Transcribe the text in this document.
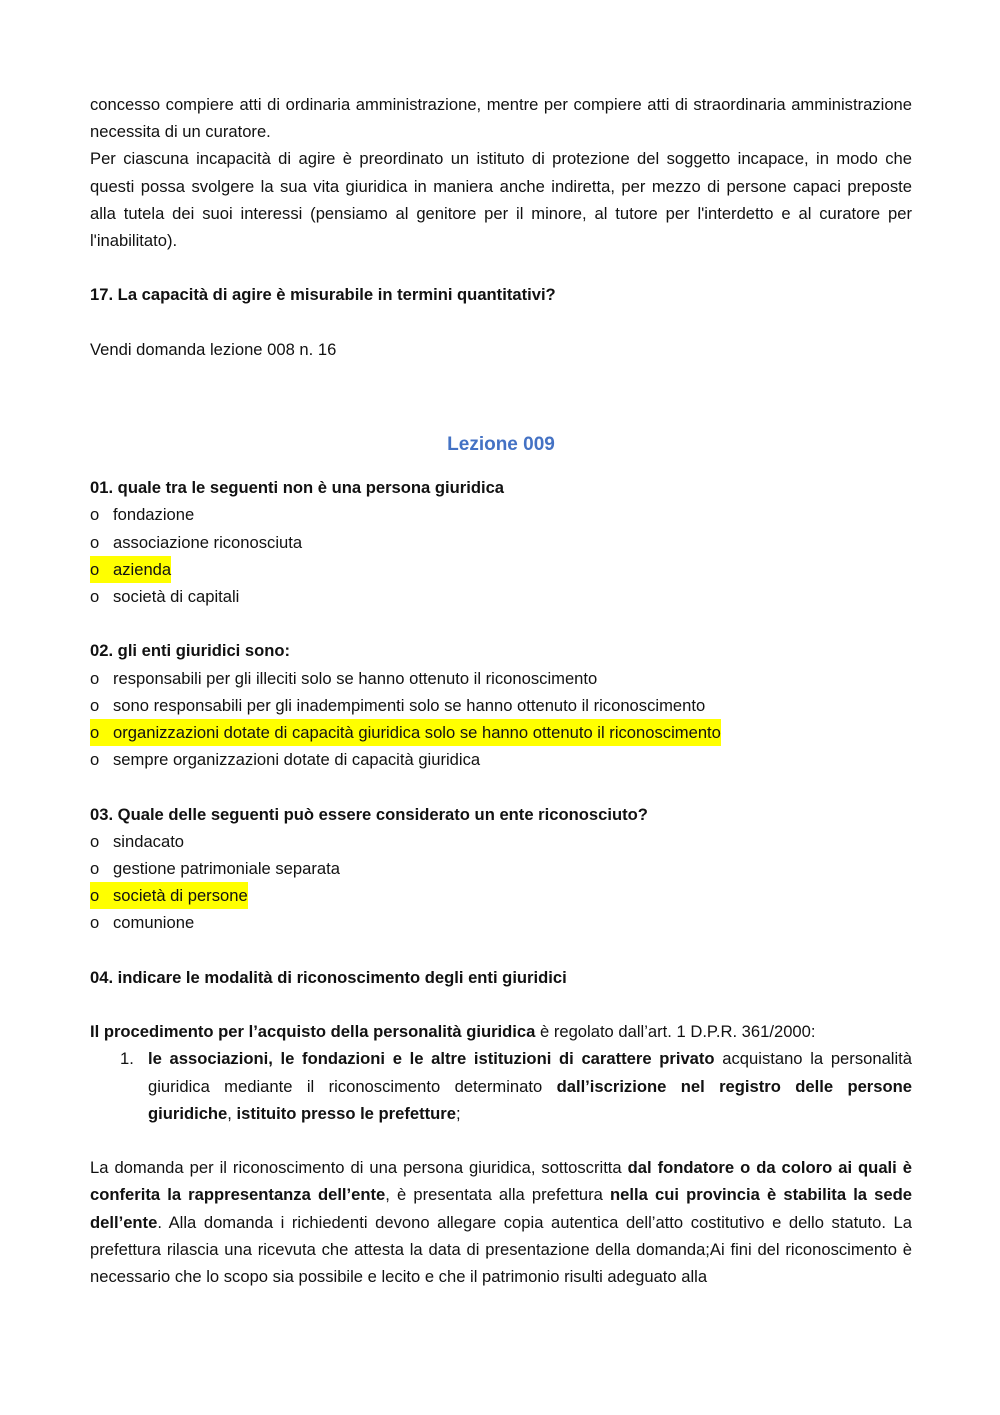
concesso compiere atti di ordinaria amministrazione, mentre per compiere atti di straordinaria amministrazione necessita di un curatore.

Per ciascuna incapacità di agire è preordinato un istituto di protezione del soggetto incapace, in modo che questi possa svolgere la sua vita giuridica in maniera anche indiretta, per mezzo di persone capaci preposte alla tutela dei suoi interessi (pensiamo al genitore per il minore, al tutore per l'interdetto e al curatore per l'inabilitato).

17. La capacità di agire è misurabile in termini quantitativi?

Vendi domanda lezione 008 n. 16

Lezione 009

01. quale tra le seguenti non è una persona giuridica

o fondazione
o associazione riconosciuta
o azienda
o società di capitali

02. gli enti giuridici sono:

o responsabili per gli illeciti solo se hanno ottenuto il riconoscimento
o sono responsabili per gli inadempimenti solo se hanno ottenuto il riconoscimento
o organizzazioni dotate di capacità giuridica solo se hanno ottenuto il riconoscimento
o sempre organizzazioni dotate di capacità giuridica

03. Quale delle seguenti può essere considerato un ente riconosciuto?

o sindacato
o gestione patrimoniale separata
o società di persone
o comunione

04. indicare le modalità di riconoscimento degli enti giuridici

Il procedimento per l’acquisto della personalità giuridica è regolato dall’art. 1 D.P.R. 361/2000:

1. le associazioni, le fondazioni e le altre istituzioni di carattere privato acquistano la personalità giuridica mediante il riconoscimento determinato dall’iscrizione nel registro delle persone giuridiche, istituito presso le prefetture;

La domanda per il riconoscimento di una persona giuridica, sottoscritta dal fondatore o da coloro ai quali è conferita la rappresentanza dell’ente, è presentata alla prefettura nella cui provincia è stabilita la sede dell’ente. Alla domanda i richiedenti devono allegare copia autentica dell’atto costitutivo e dello statuto. La prefettura rilascia una ricevuta che attesta la data di presentazione della domanda;Ai fini del riconoscimento è necessario che lo scopo sia possibile e lecito e che il patrimonio risulti adeguato alla
